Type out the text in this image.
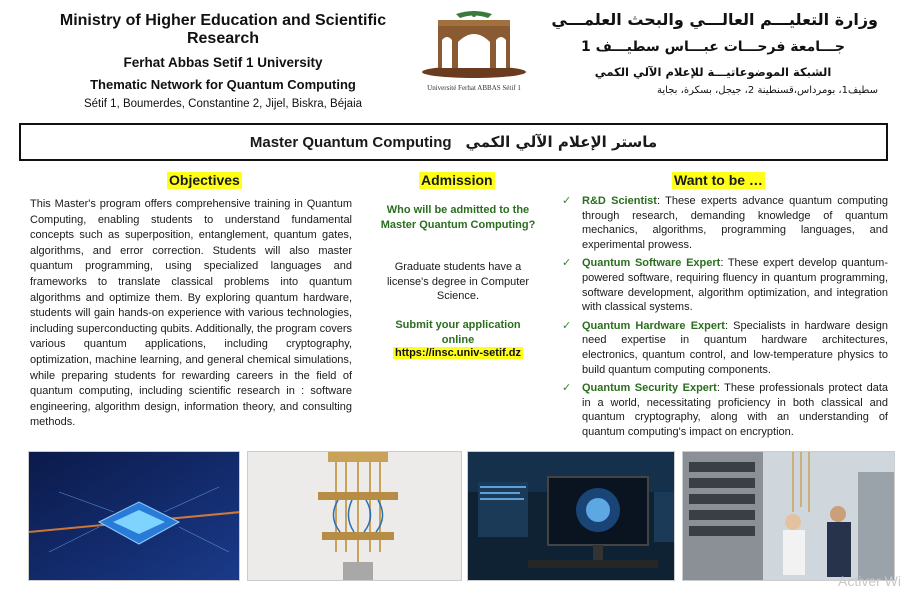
Ministry of Higher Education and Scientific Research
Ferhat Abbas Setif 1 University
Thematic Network for Quantum Computing
Sétif 1, Boumerdes, Constantine 2, Jijel, Biskra, Béjaia
Université Ferhat ABBAS Sétif 1
وزارة التعليـــم العالـــي والبحث العلمـــي
جـــامعة فرحـــات عبـــاس سطيـــف 1
الشبكة الموضوعاتيـــة للإعلام الآلي الكمي
سطيف1، بومرداس،قسنطينة 2، جيجل، بسكرة، بجاية
Master Quantum Computing ماستر الإعلام الآلي الكمي
Objectives
This Master's program offers comprehensive training in Quantum Computing, enabling students to understand fundamental concepts such as superposition, entanglement, quantum gates, algorithms, and error correction. Students will also master quantum programming, using specialized languages and frameworks to translate classical problems into quantum algorithms and optimize them. By exploring quantum hardware, students will gain hands-on experience with various technologies, including superconducting qubits. Additionally, the program covers various quantum applications, including cryptography, optimization, machine learning, and general chemical simulations, while preparing students for rewarding careers in the field of quantum computing, including scientific research in : software engineering, algorithm design, information theory, and consulting methods.
Admission
Who will be admitted to the Master Quantum Computing?
Graduate students have a license's degree in Computer Science.
Submit your application online
https://insc.univ-setif.dz
Want to be …
✓ R&D Scientist: These experts advance quantum computing through research, demanding knowledge of quantum mechanics, algorithms, programming languages, and experimental prowess.
✓ Quantum Software Expert: These expert develop quantum-powered software, requiring fluency in quantum programming, software development, algorithm optimization, and integration with classical systems.
✓ Quantum Hardware Expert: Specialists in hardware design need expertise in quantum hardware architectures, electronics, quantum control, and low-temperature physics to build quantum computing components.
✓ Quantum Security Expert: These professionals protect data in a world, necessitating proficiency in both classical and quantum cryptography, along with an understanding of quantum computing's impact on encryption.
Activer Wi
